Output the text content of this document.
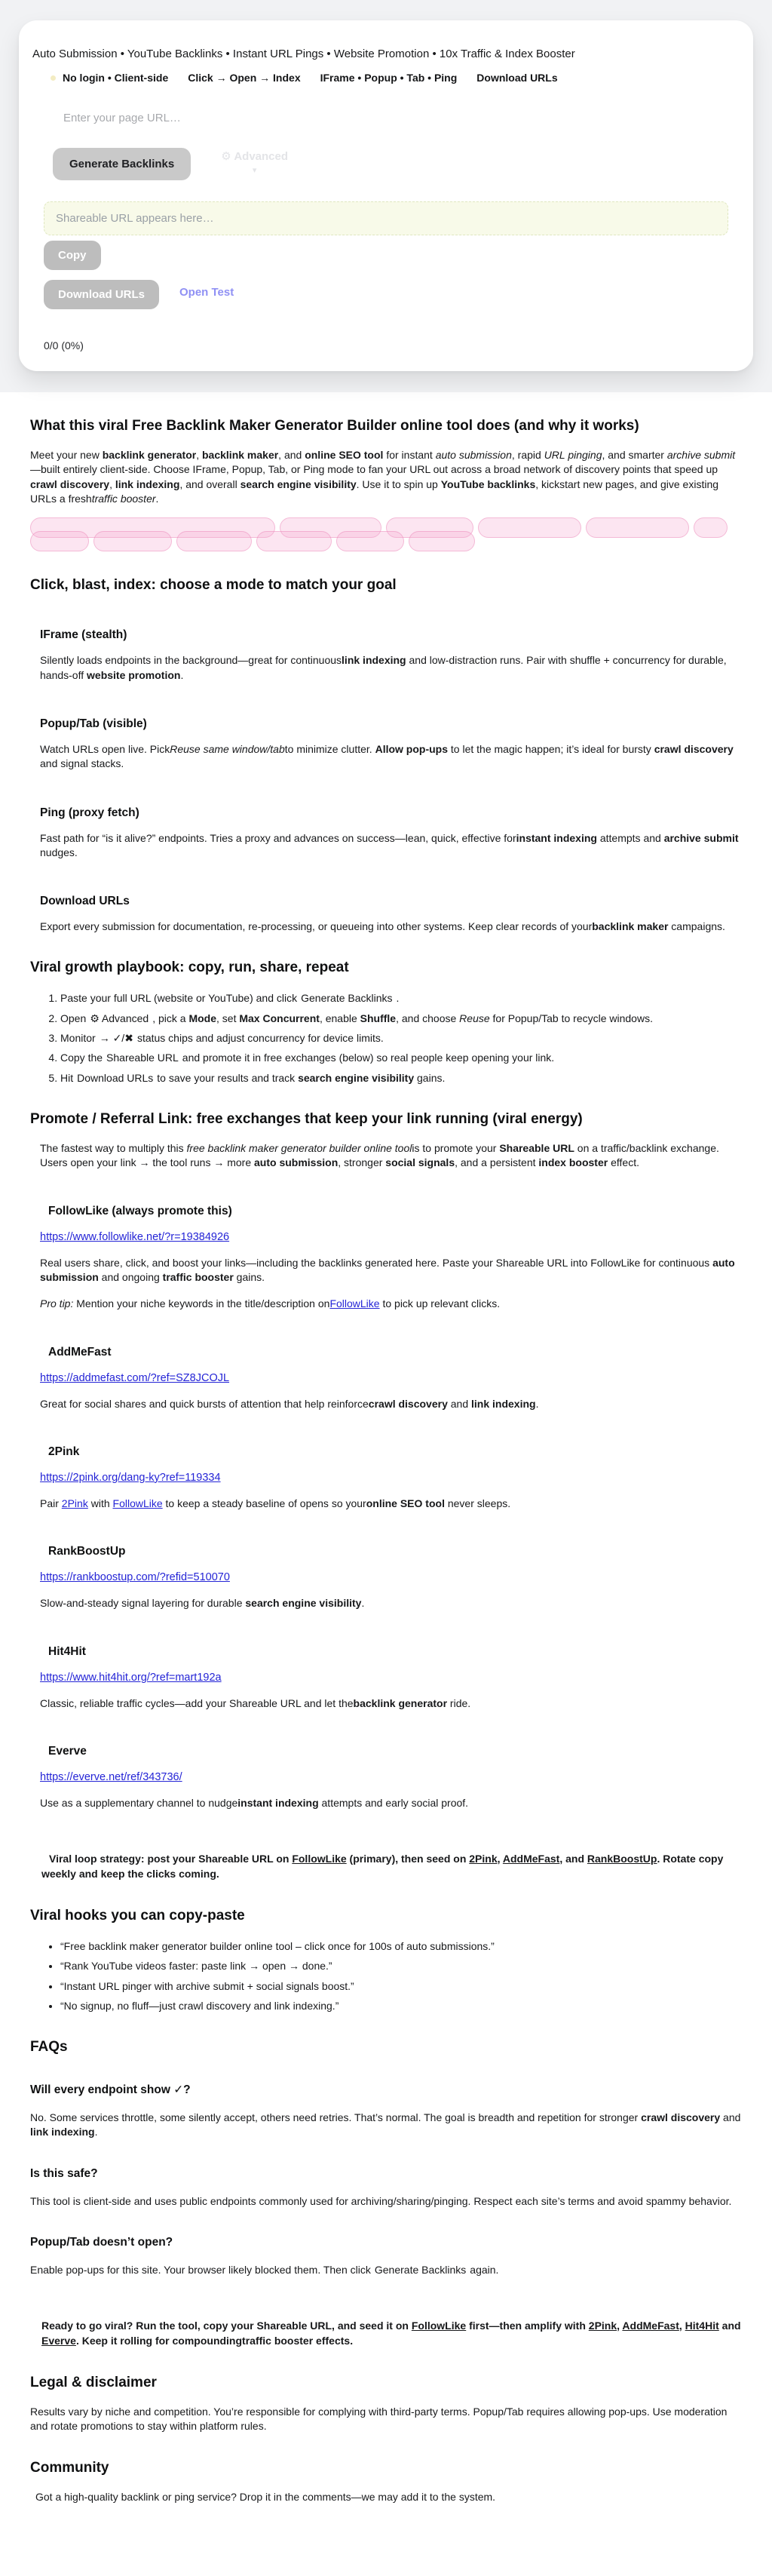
Auto Submission • YouTube Backlinks • Instant URL Pings • Website Promotion • 10x Traffic & Index Booster
No login • Client-side Click → Open → Index IFrame • Popup • Tab • Ping Download URLs
Enter your page URL…
Generate Backlinks
⚙ Advanced
▾
Shareable URL appears here…
Copy
Download URLs	Open Test
0/0 (0%)
What this viral Free Backlink Maker Generator Builder online tool does (and why it works)

Meet your new backlink generator, backlink maker, and online SEO tool for instant auto submission, rapid URL pinging, and smarter archive submit—built entirely client-side. Choose IFrame, Popup, Tab, or Ping mode to fan your URL out across a broad network of discovery points that speed up crawl discovery, link indexing, and overall search engine visibility. Use it to spin up YouTube backlinks, kickstart new pages, and give existing URLs a freshtraffic booster.

Click, blast, index: choose a mode to match your goal
IFrame (stealth)

Silently loads endpoints in the background—great for continuouslink indexing and low-distraction runs. Pair with shuffle + concurrency for durable, hands-off website promotion.

Popup/Tab (visible)

Watch URLs open live. PickReuse same window/tabto minimize clutter. Allow pop-ups to let the magic happen; it’s ideal for bursty crawl discovery and signal stacks.

Ping (proxy fetch)

Fast path for “is it alive?” endpoints. Tries a proxy and advances on success—lean, quick, effective forinstant indexing attempts and archive submit nudges.

Download URLs

Export every submission for documentation, re-processing, or queueing into other systems. Keep clear records of yourbacklink maker campaigns.

Viral growth playbook: copy, run, share, repeat
1. Paste your full URL (website or YouTube) and click Generate Backlinks .
2. Open ⚙ Advanced , pick a Mode, set Max Concurrent, enable Shuffle, and choose Reuse for Popup/Tab to recycle windows.
3. Monitor → ✓/✖ status chips and adjust concurrency for device limits.
4. Copy the Shareable URL and promote it in free exchanges (below) so real people keep opening your link.
5. Hit Download URLs to save your results and track search engine visibility gains.
Promote / Referral Link: free exchanges that keep your link running (viral energy)

The fastest way to multiply this free backlink maker generator builder online toolis to promote your Shareable URL on a traffic/backlink exchange. Users open your link → the tool runs → more auto submission, stronger social signals, and a persistent index booster effect.

FollowLike (always promote this)
https://www.followlike.net/?r=19384926

Real users share, click, and boost your links—including the backlinks generated here. Paste your Shareable URL into FollowLike for continuous auto submission and ongoing traffic booster gains.

Pro tip: Mention your niche keywords in the title/description onFollowLike to pick up relevant clicks.

AddMeFast
https://addmefast.com/?ref=SZ8JCOJL

Great for social shares and quick bursts of attention that help reinforcecrawl discovery and link indexing.

2Pink
https://2pink.org/dang-ky?ref=119334

Pair 2Pink with FollowLike to keep a steady baseline of opens so youronline SEO tool never sleeps.

RankBoostUp
https://rankboostup.com/?refid=510070

Slow-and-steady signal layering for durable search engine visibility.

Hit4Hit
https://www.hit4hit.org/?ref=mart192a

Classic, reliable traffic cycles—add your Shareable URL and let thebacklink generator ride.

Everve
https://everve.net/ref/343736/

Use as a supplementary channel to nudgeinstant indexing attempts and early social proof.

Viral loop strategy: post your Shareable URL on FollowLike (primary), then seed on 2Pink, AddMeFast, and RankBoostUp. Rotate copy weekly and keep the clicks coming.

Viral hooks you can copy-paste
• “Free backlink maker generator builder online tool – click once for 100s of auto submissions.”
• “Rank YouTube videos faster: paste link → open → done.”
• “Instant URL pinger with archive submit + social signals boost.”
• “No signup, no fluff—just crawl discovery and link indexing.”
FAQs
Will every endpoint show ✓?

No. Some services throttle, some silently accept, others need retries. That’s normal. The goal is breadth and repetition for stronger crawl discovery and link indexing.

Is this safe?

This tool is client-side and uses public endpoints commonly used for archiving/sharing/pinging. Respect each site’s terms and avoid spammy behavior.

Popup/Tab doesn’t open?

Enable pop-ups for this site. Your browser likely blocked them. Then click Generate Backlinks again.

Ready to go viral? Run the tool, copy your Shareable URL, and seed it on FollowLike first—then amplify with 2Pink, AddMeFast, Hit4Hit and Everve. Keep it rolling for compoundingtraffic booster effects.

Legal & disclaimer

Results vary by niche and competition. You’re responsible for complying with third-party terms. Popup/Tab requires allowing pop-ups. Use moderation and rotate promotions to stay within platform rules.

Community

Got a high-quality backlink or ping service? Drop it in the comments—we may add it to the system.
